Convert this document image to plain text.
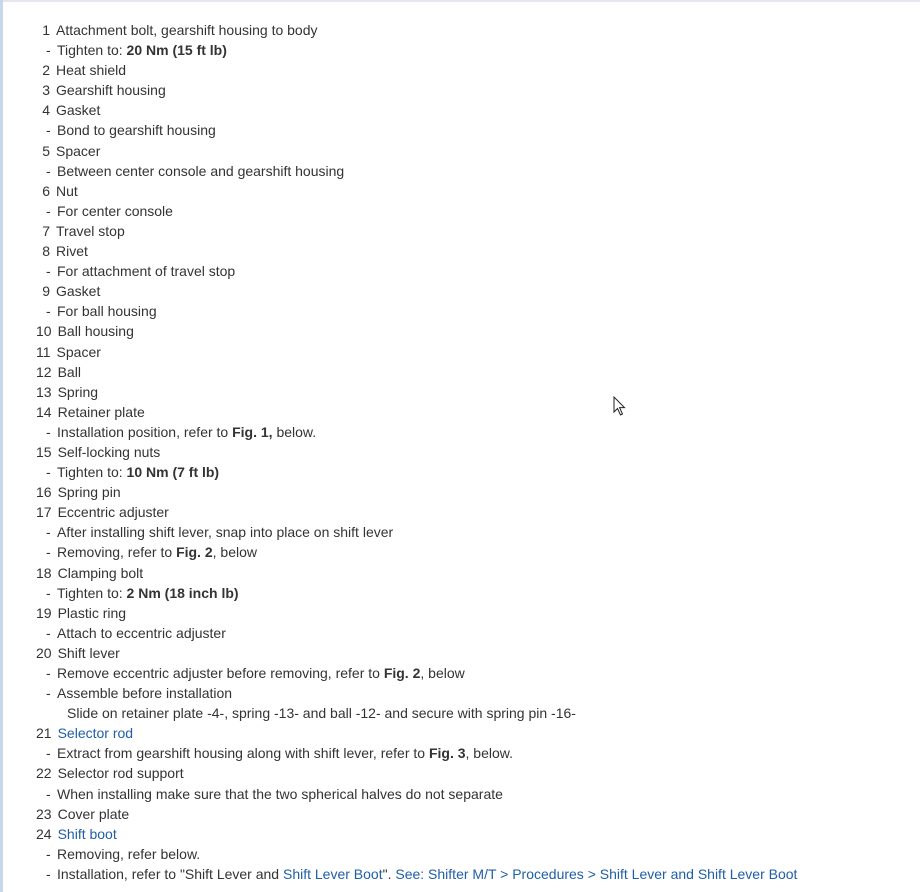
1 Attachment bolt, gearshift housing to body
- Tighten to: 20 Nm (15 ft lb)
2 Heat shield
3 Gearshift housing
4 Gasket
- Bond to gearshift housing
5 Spacer
- Between center console and gearshift housing
6 Nut
- For center console
7 Travel stop
8 Rivet
- For attachment of travel stop
9 Gasket
- For ball housing
10 Ball housing
11 Spacer
12 Ball
13 Spring
14 Retainer plate
- Installation position, refer to Fig. 1, below.
15 Self-locking nuts
- Tighten to: 10 Nm (7 ft lb)
16 Spring pin
17 Eccentric adjuster
- After installing shift lever, snap into place on shift lever
- Removing, refer to Fig. 2, below
18 Clamping bolt
- Tighten to: 2 Nm (18 inch lb)
19 Plastic ring
- Attach to eccentric adjuster
20 Shift lever
- Remove eccentric adjuster before removing, refer to Fig. 2, below
- Assemble before installation
Slide on retainer plate -4-, spring -13- and ball -12- and secure with spring pin -16-
21 Selector rod
- Extract from gearshift housing along with shift lever, refer to Fig. 3, below.
22 Selector rod support
- When installing make sure that the two spherical halves do not separate
23 Cover plate
24 Shift boot
- Removing, refer below.
- Installation, refer to "Shift Lever and Shift Lever Boot". See: Shifter M/T > Procedures > Shift Lever and Shift Lever Boot
